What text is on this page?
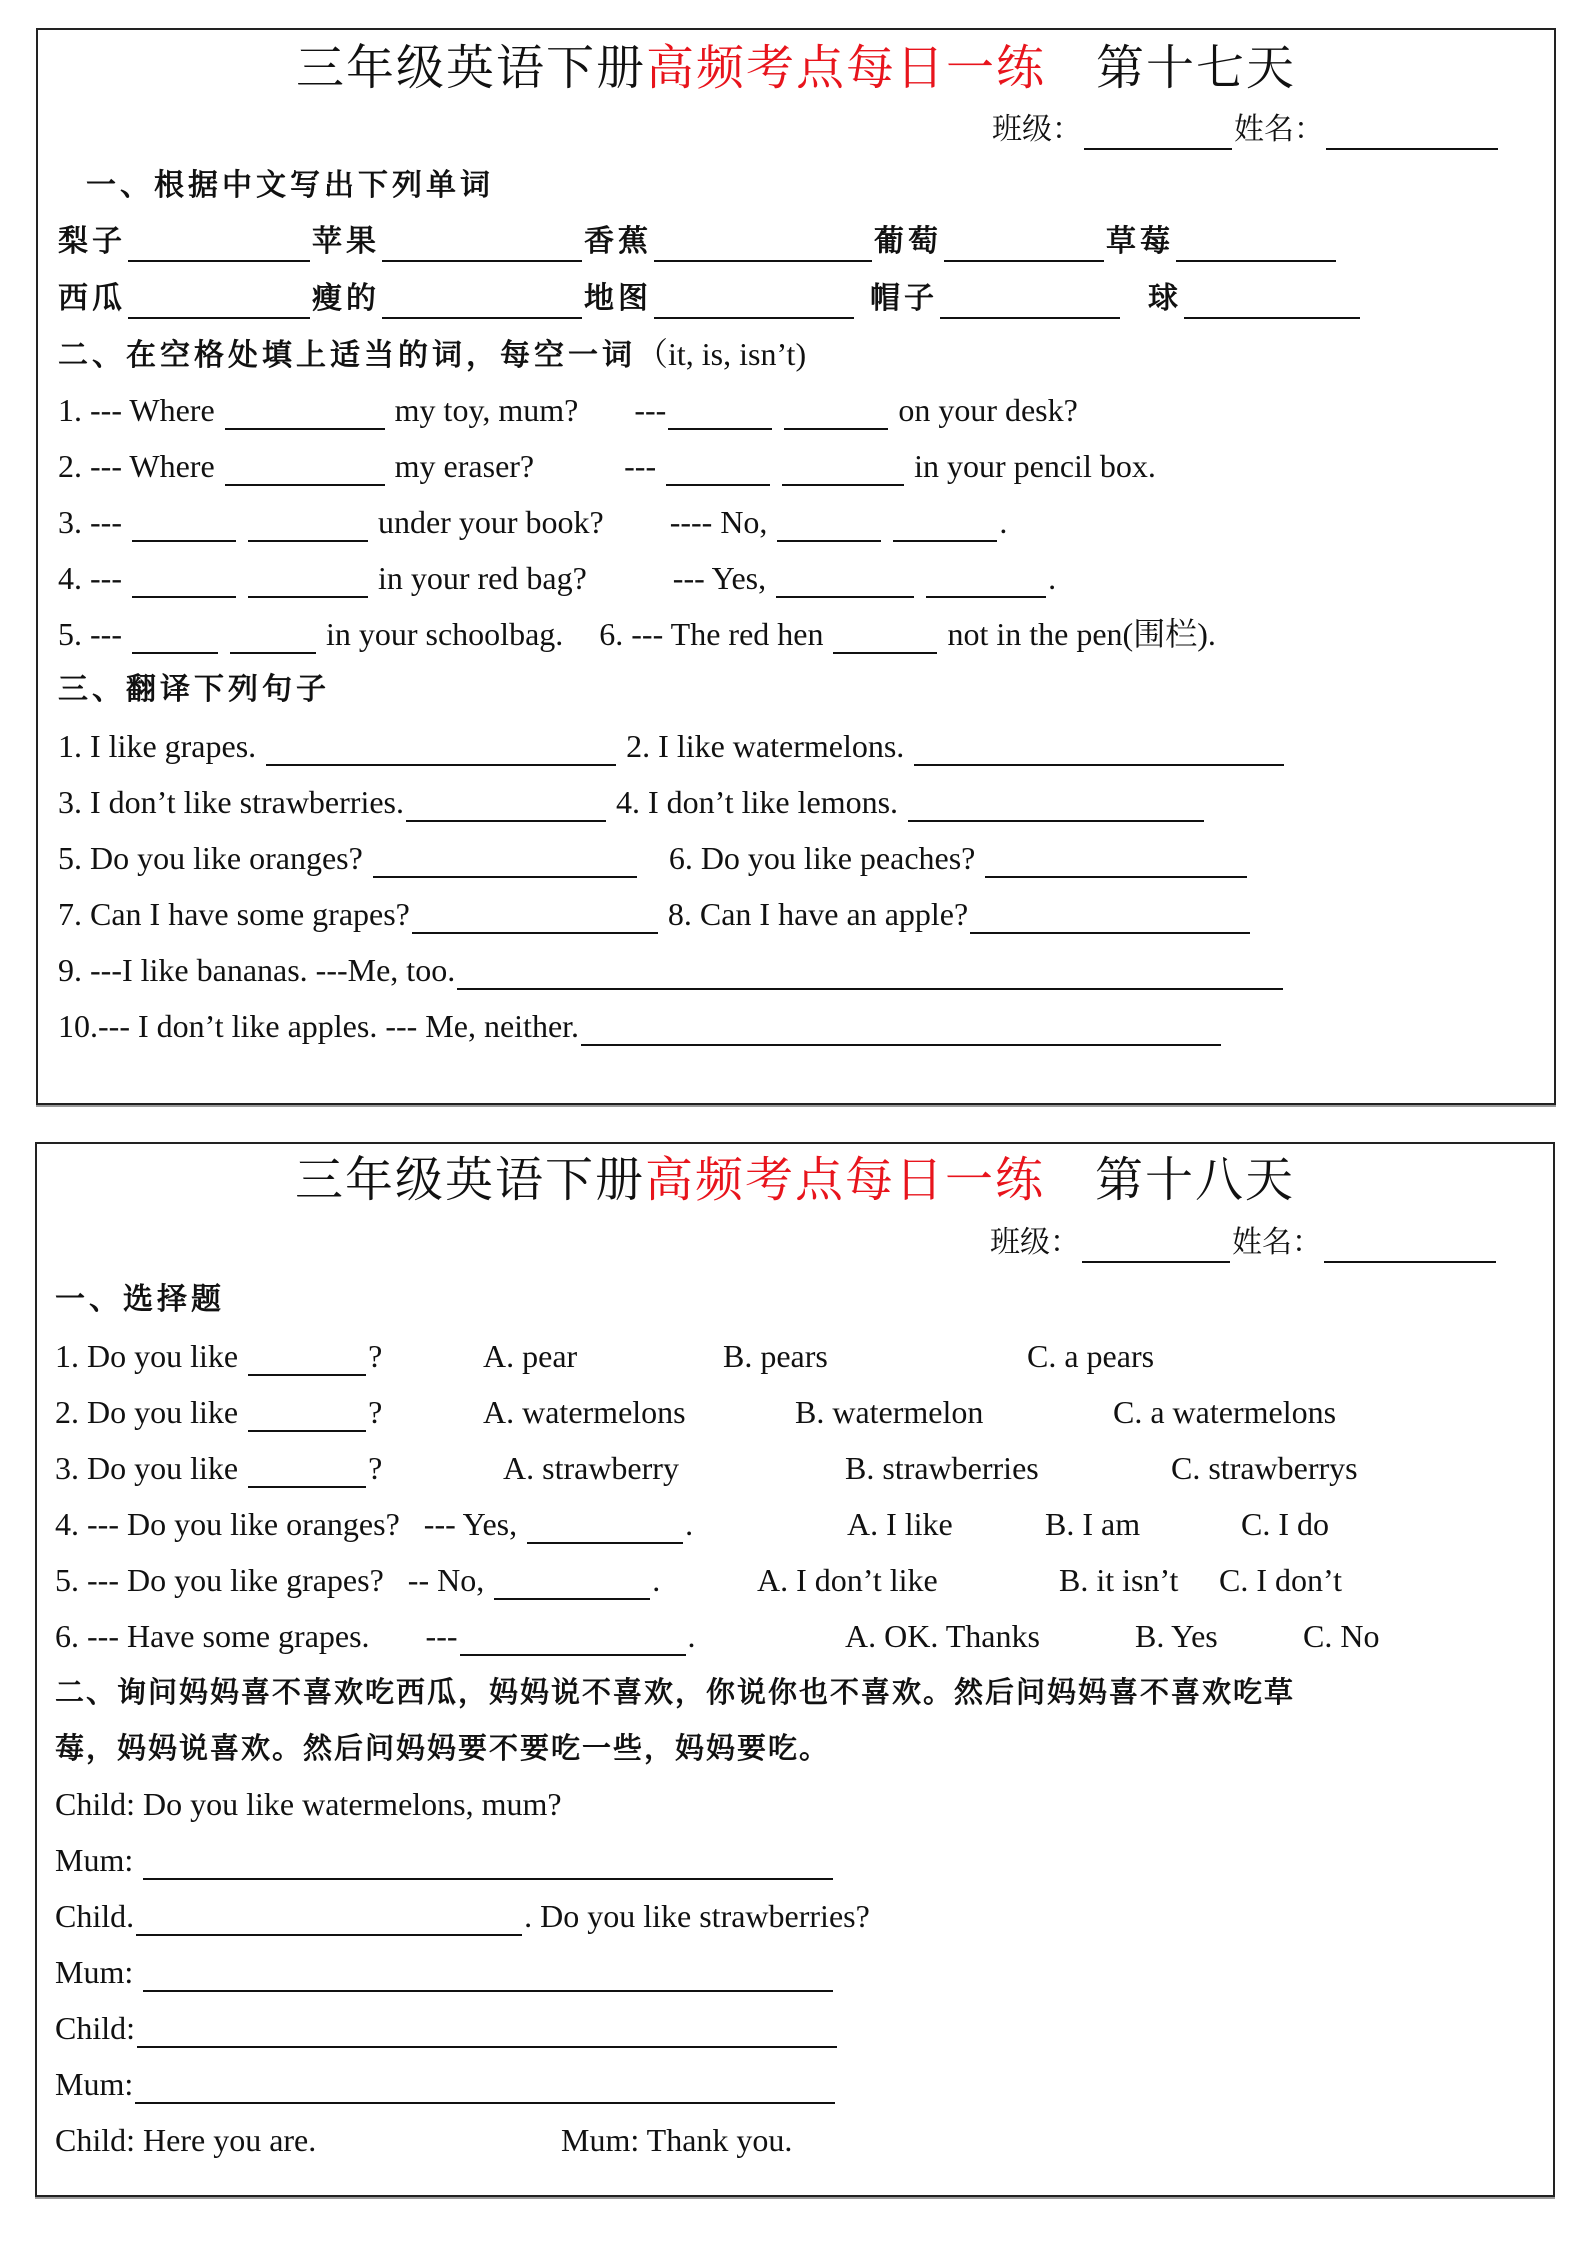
三年级英语下册高频考点每日一练 第十七天
班级：	姓名：
一、根据中文写出下列单词
梨子	苹果	香蕉	葡萄	草莓
西瓜	瘦的	地图	帽子	球
二、在空格处填上适当的词，每空一词（it, is, isn’t)
1. --- Where	my toy, mum? ---	on your desk?
2. --- Where	my eraser?	---	in your pencil box.
3. ---	under your book? ---- No,	.
4. ---	in your red bag?	--- Yes,	.
5. ---	in your schoolbag. 6. --- The red hen	not in the pen(围栏).
三、翻译下列句子
1. I like grapes.	2. I like watermelons.
3. I don’t like strawberries.	4. I don’t like lemons.
5. Do you like oranges?	6. Do you like peaches?
7. Can I have some grapes?	8. Can I have an apple?
9. ---I like bananas. ---Me, too.
10.--- I don’t like apples. --- Me, neither.
三年级英语下册高频考点每日一练 第十八天
班级：	姓名：
一、选择题
1. Do you like	?	A. pear	B. pears	C. a pears
2. Do you like	?	A. watermelons	B. watermelon	C. a watermelons
3. Do you like	?	A. strawberry	B. strawberries	C. strawberrys
4. --- Do you like oranges?   --- Yes,	.	A. I like	B. I am	C. I do
5. --- Do you like grapes?   -- No,	.	A. I don’t like	B. it isn’t C. I don’t
6. --- Have some grapes.       ---	.	A. OK. Thanks	B. Yes	C. No
二、询问妈妈喜不喜欢吃西瓜，妈妈说不喜欢，你说你也不喜欢。然后问妈妈喜不喜欢吃草
莓，妈妈说喜欢。然后问妈妈要不要吃一些，妈妈要吃。
Child: Do you like watermelons, mum?
Mum:
Child.	. Do you like strawberries?
Mum:
Child:
Mum:
Child: Here you are.	Mum: Thank you.
